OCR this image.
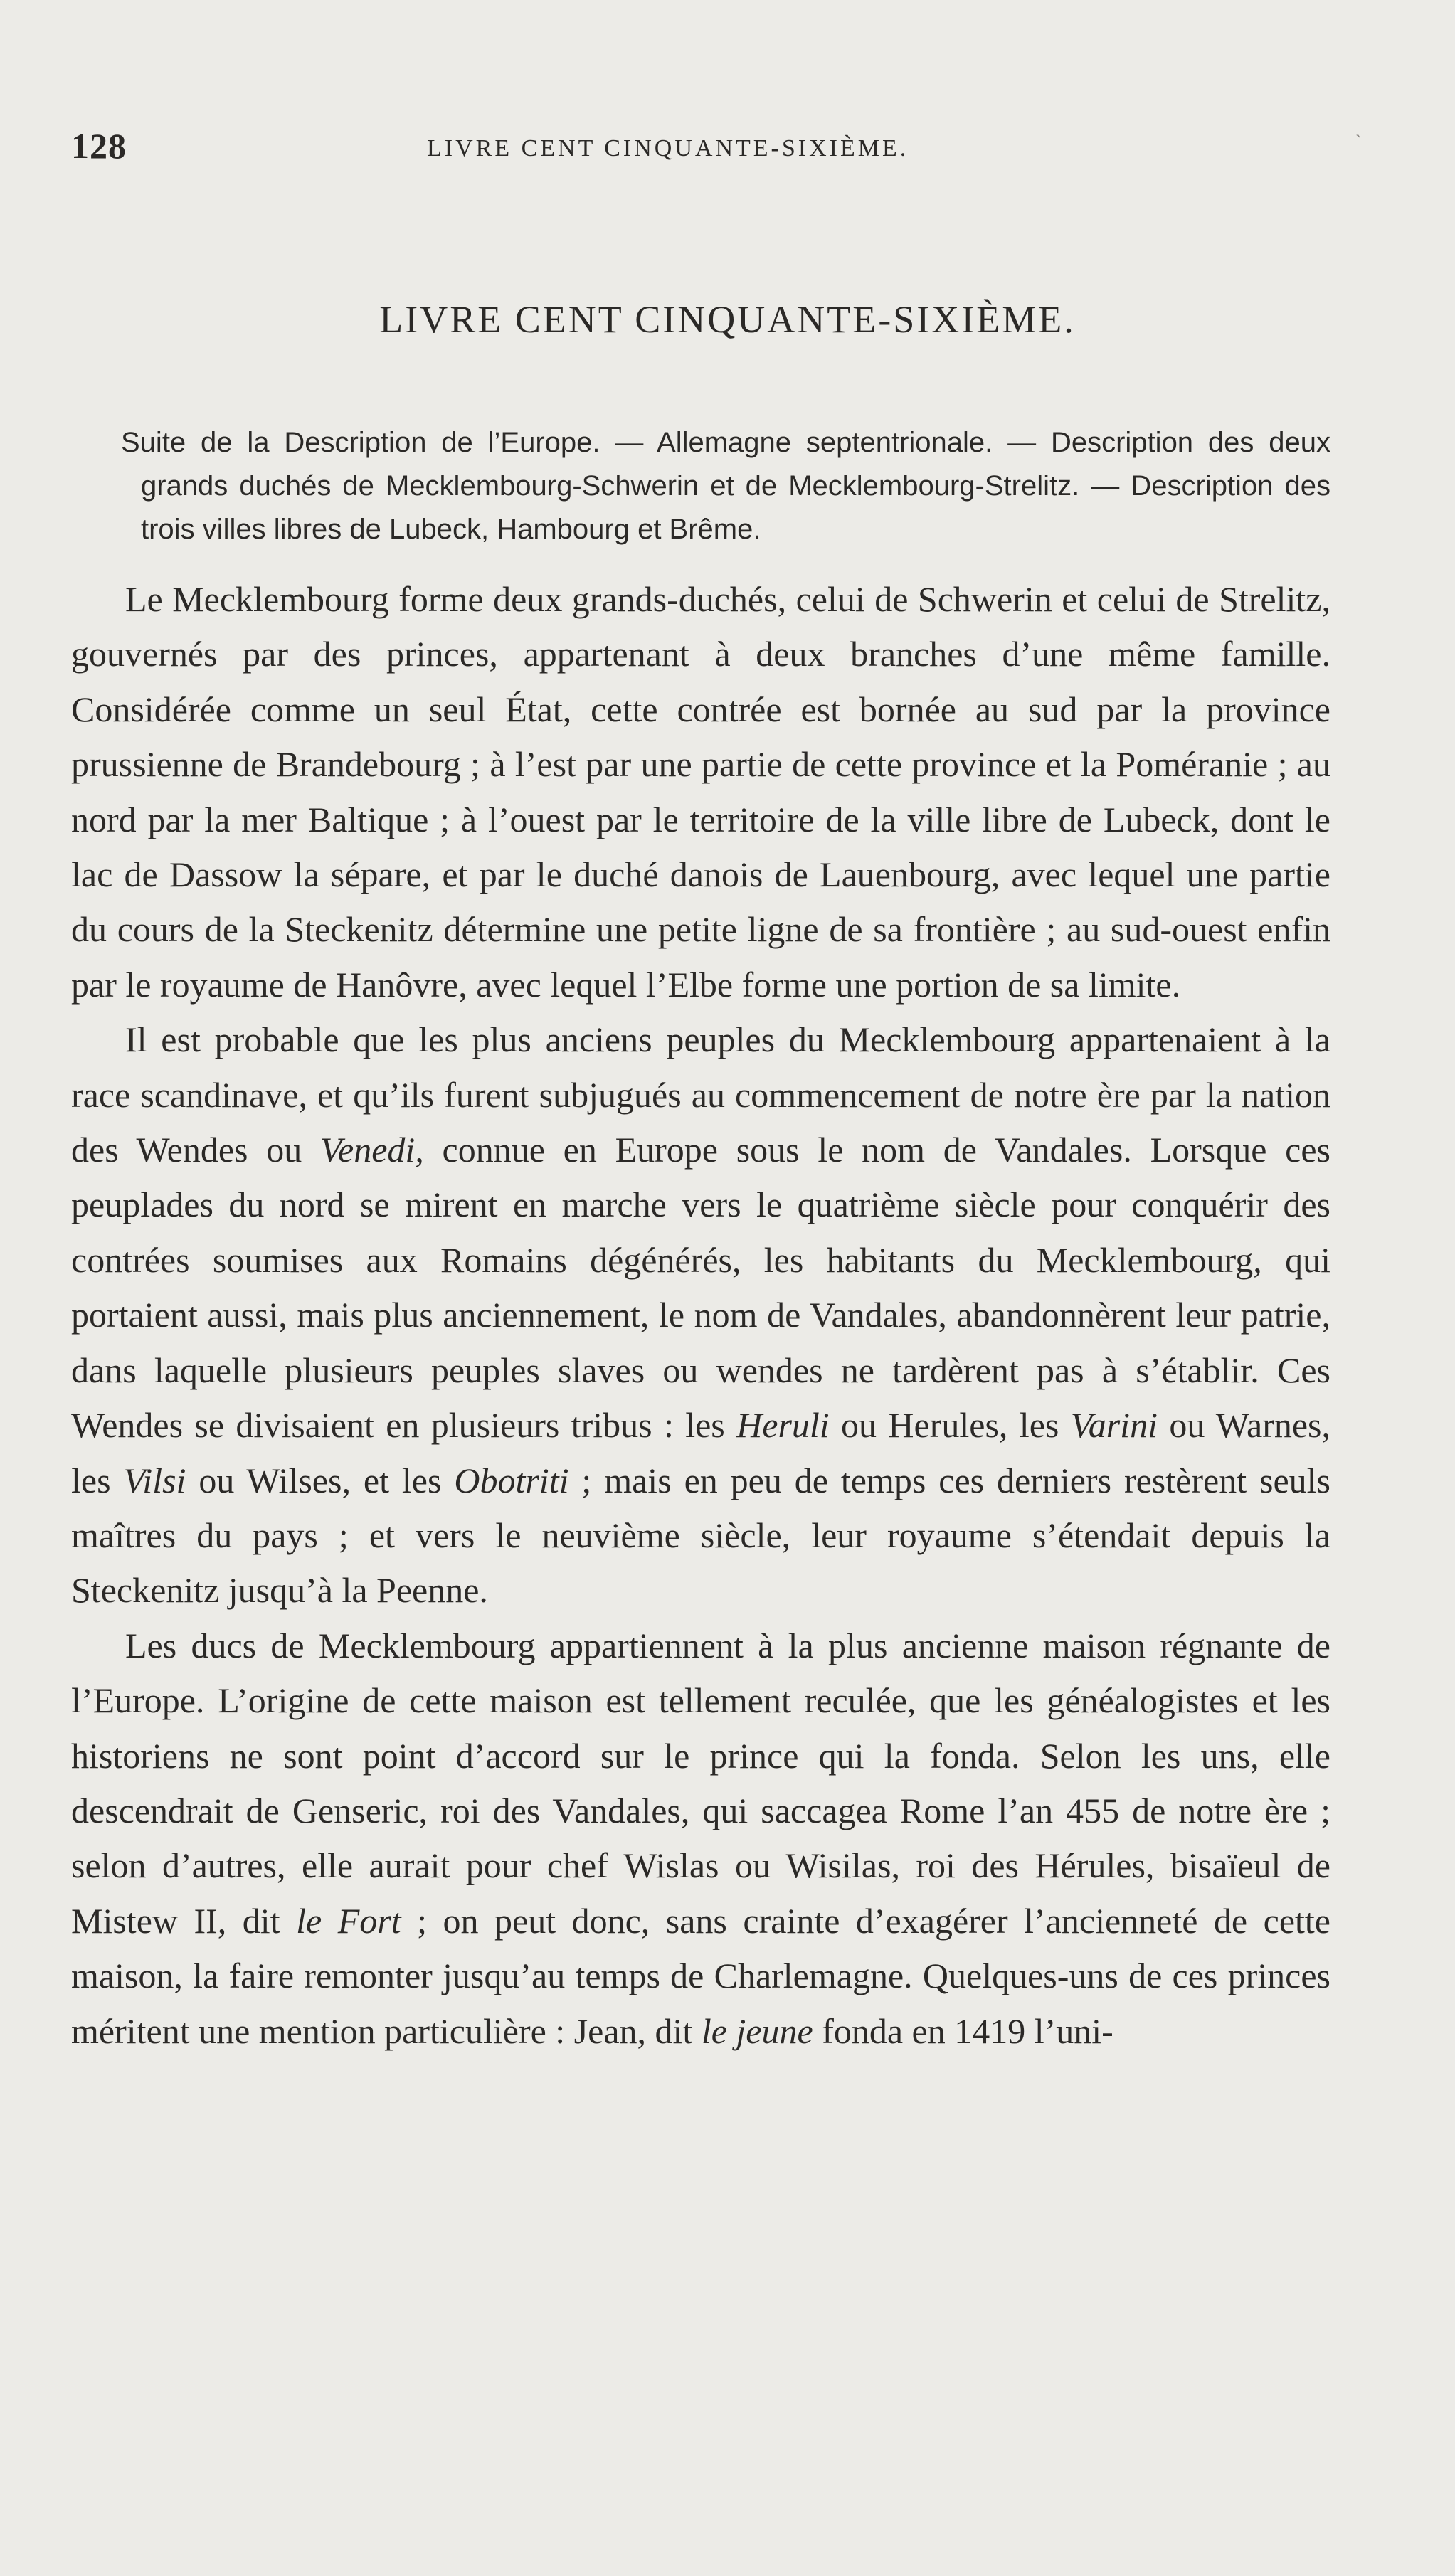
ˎ
128	LIVRE CENT CINQUANTE-SIXIÈME.
LIVRE CENT CINQUANTE-SIXIÈME.
Suite de la Description de l’Europe. — Allemagne septentrionale. — Description des deux grands duchés de Mecklembourg-Schwerin et de Mecklembourg-Strelitz. — Description des trois villes libres de Lubeck, Hambourg et Brême.

Le Mecklembourg forme deux grands-duchés, celui de Schwerin et celui de Strelitz, gouvernés par des princes, appartenant à deux branches d’une même famille. Considérée comme un seul État, cette contrée est bornée au sud par la province prussienne de Brandebourg ; à l’est par une partie de cette province et la Poméranie ; au nord par la mer Baltique ; à l’ouest par le territoire de la ville libre de Lubeck, dont le lac de Dassow la sépare, et par le duché danois de Lauenbourg, avec lequel une partie du cours de la Steckenitz détermine une petite ligne de sa frontière ; au sud-ouest enfin par le royaume de Hanôvre, avec lequel l’Elbe forme une portion de sa limite.

Il est probable que les plus anciens peuples du Mecklembourg appartenaient à la race scandinave, et qu’ils furent subjugués au commencement de notre ère par la nation des Wendes ou Venedi, connue en Europe sous le nom de Vandales. Lorsque ces peuplades du nord se mirent en marche vers le quatrième siècle pour conquérir des contrées soumises aux Romains dégénérés, les habitants du Mecklembourg, qui portaient aussi, mais plus anciennement, le nom de Vandales, abandonnèrent leur patrie, dans laquelle plusieurs peuples slaves ou wendes ne tardèrent pas à s’établir. Ces Wendes se divisaient en plusieurs tribus : les Heruli ou Herules, les Varini ou Warnes, les Vilsi ou Wilses, et les Obotriti ; mais en peu de temps ces derniers restèrent seuls maîtres du pays ; et vers le neuvième siècle, leur royaume s’étendait depuis la Steckenitz jusqu’à la Peenne.

Les ducs de Mecklembourg appartiennent à la plus ancienne maison régnante de l’Europe. L’origine de cette maison est tellement reculée, que les généalogistes et les historiens ne sont point d’accord sur le prince qui la fonda. Selon les uns, elle descendrait de Genseric, roi des Vandales, qui saccagea Rome l’an 455 de notre ère ; selon d’autres, elle aurait pour chef Wislas ou Wisilas, roi des Hérules, bisaïeul de Mistew II, dit le Fort ; on peut donc, sans crainte d’exagérer l’ancienneté de cette maison, la faire remonter jusqu’au temps de Charlemagne. Quelques-uns de ces princes méritent une mention particulière : Jean, dit le jeune fonda en 1419 l’uni-
